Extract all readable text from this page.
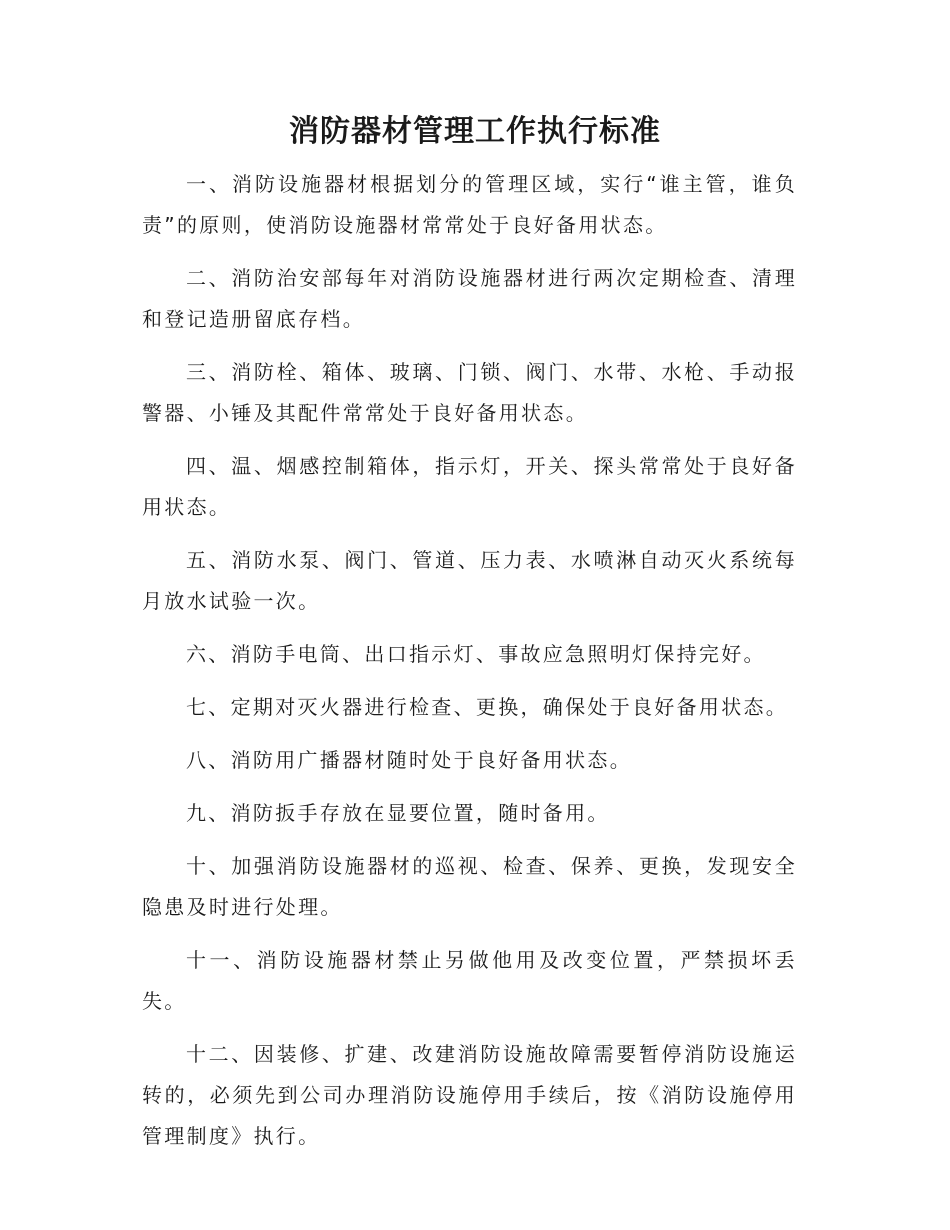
消防器材管理工作执行标准

一、消防设施器材根据划分的管理区域，实行“谁主管，谁负责”的原则，使消防设施器材常常处于良好备用状态。

二、消防治安部每年对消防设施器材进行两次定期检查、清理和登记造册留底存档。

三、消防栓、箱体、玻璃、门锁、阀门、水带、水枪、手动报警器、小锤及其配件常常处于良好备用状态。

四、温、烟感控制箱体，指示灯，开关、探头常常处于良好备用状态。

五、消防水泵、阀门、管道、压力表、水喷淋自动灭火系统每月放水试验一次。

六、消防手电筒、出口指示灯、事故应急照明灯保持完好。

七、定期对灭火器进行检查、更换，确保处于良好备用状态。

八、消防用广播器材随时处于良好备用状态。

九、消防扳手存放在显要位置，随时备用。

十、加强消防设施器材的巡视、检查、保养、更换，发现安全隐患及时进行处理。

十一、消防设施器材禁止另做他用及改变位置，严禁损坏丢失。

十二、因装修、扩建、改建消防设施故障需要暂停消防设施运转的，必须先到公司办理消防设施停用手续后，按《消防设施停用管理制度》执行。
